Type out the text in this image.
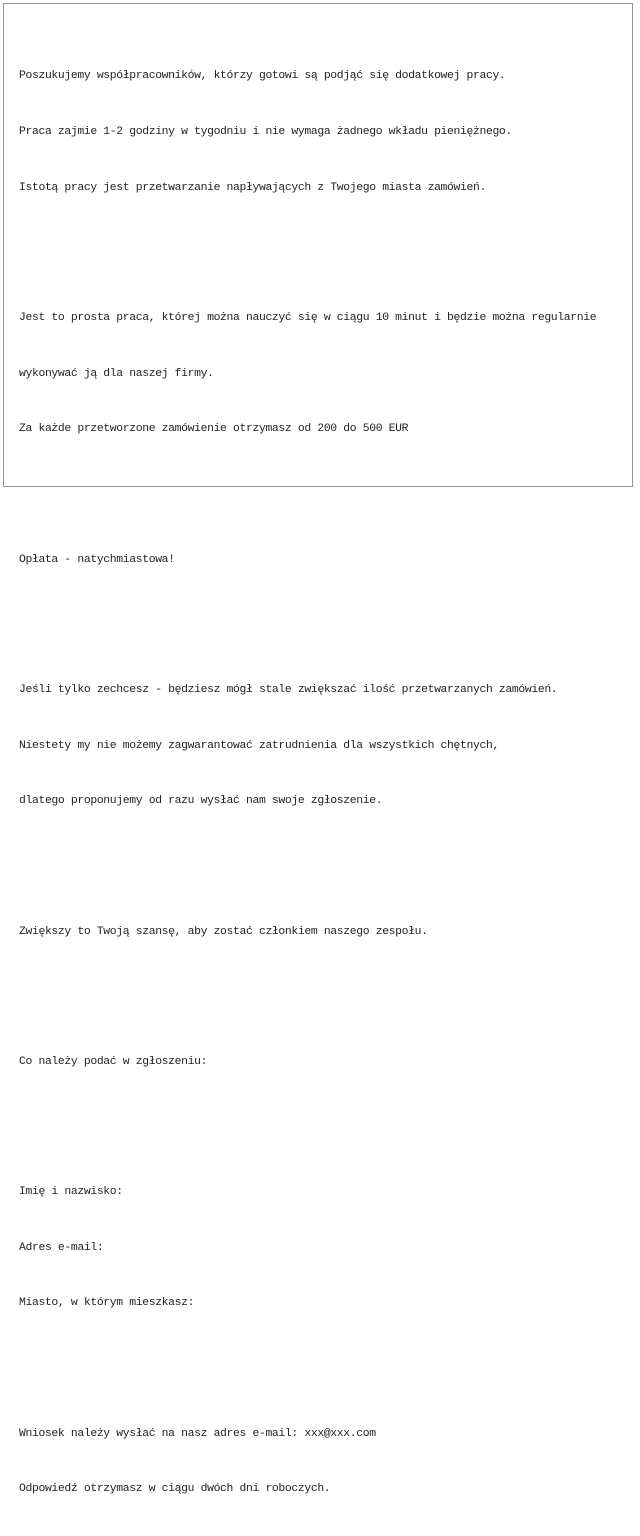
Poszukujemy współpracowników, którzy gotowi są podjąć się dodatkowej pracy.

Praca zajmie 1-2 godziny w tygodniu i nie wymaga żadnego wkładu pieniężnego.

Istotą pracy jest przetwarzanie napływających z Twojego miasta zamówień.

Jest to prosta praca, której można nauczyć się w ciągu 10 minut i będzie można regularnie

wykonywać ją dla naszej firmy.

Za każde przetworzone zamówienie otrzymasz od 200 do 500 EUR

Opłata - natychmiastowa!

Jeśli tylko zechcesz - będziesz mógł stale zwiększać ilość przetwarzanych zamówień.

Niestety my nie możemy zagwarantować zatrudnienia dla wszystkich chętnych,

dlatego proponujemy od razu wysłać nam swoje zgłoszenie.

Zwiększy to Twoją szansę, aby zostać członkiem naszego zespołu.

Co należy podać w zgłoszeniu:

Imię i nazwisko:

Adres e-mail:

Miasto, w którym mieszkasz:

Wniosek należy wysłać na nasz adres e-mail: xxx@xxx.com

Odpowiedź otrzymasz w ciągu dwóch dni roboczych.
